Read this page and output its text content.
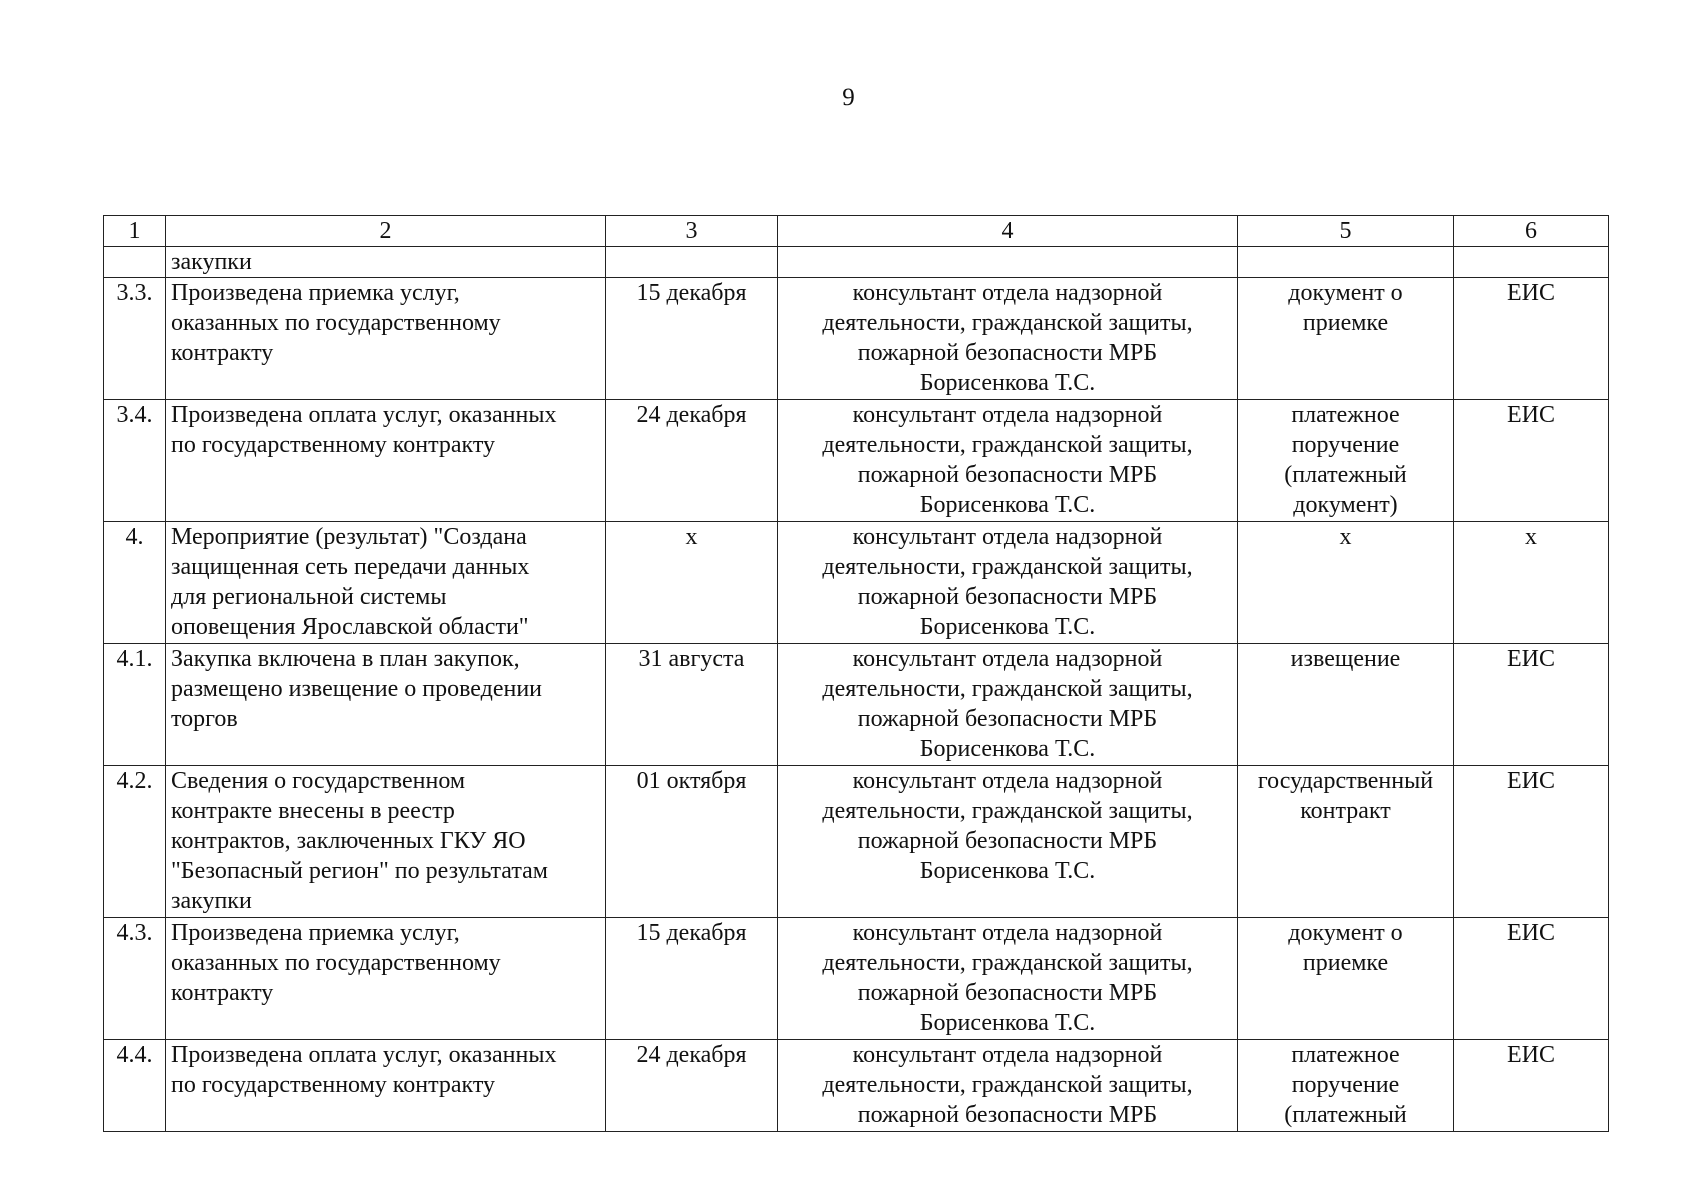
9
1	2	3	4	5	6
	закупки				
3.3.	Произведена приемка услуг,
оказанных по государственному
контракту	15 декабря	консультант отдела надзорной
деятельности, гражданской защиты,
пожарной безопасности МРБ
Борисенкова Т.С.	документ о
приемке	ЕИС
3.4.	Произведена оплата услуг, оказанных
по государственному контракту	24 декабря	консультант отдела надзорной
деятельности, гражданской защиты,
пожарной безопасности МРБ
Борисенкова Т.С.	платежное
поручение
(платежный
документ)	ЕИС
4.	Мероприятие (результат) "Создана
защищенная сеть передачи данных
для региональной системы
оповещения Ярославской области"	х	консультант отдела надзорной
деятельности, гражданской защиты,
пожарной безопасности МРБ
Борисенкова Т.С.	х	х
4.1.	Закупка включена в план закупок,
размещено извещение о проведении
торгов	31 августа	консультант отдела надзорной
деятельности, гражданской защиты,
пожарной безопасности МРБ
Борисенкова Т.С.	извещение	ЕИС
4.2.	Сведения о государственном
контракте внесены в реестр
контрактов, заключенных ГКУ ЯО
"Безопасный регион" по результатам
закупки	01 октября	консультант отдела надзорной
деятельности, гражданской защиты,
пожарной безопасности МРБ
Борисенкова Т.С.	государственный
контракт	ЕИС
4.3.	Произведена приемка услуг,
оказанных по государственному
контракту	15 декабря	консультант отдела надзорной
деятельности, гражданской защиты,
пожарной безопасности МРБ
Борисенкова Т.С.	документ о
приемке	ЕИС
4.4.	Произведена оплата услуг, оказанных
по государственному контракту	24 декабря	консультант отдела надзорной
деятельности, гражданской защиты,
пожарной безопасности МРБ	платежное
поручение
(платежный	ЕИС
